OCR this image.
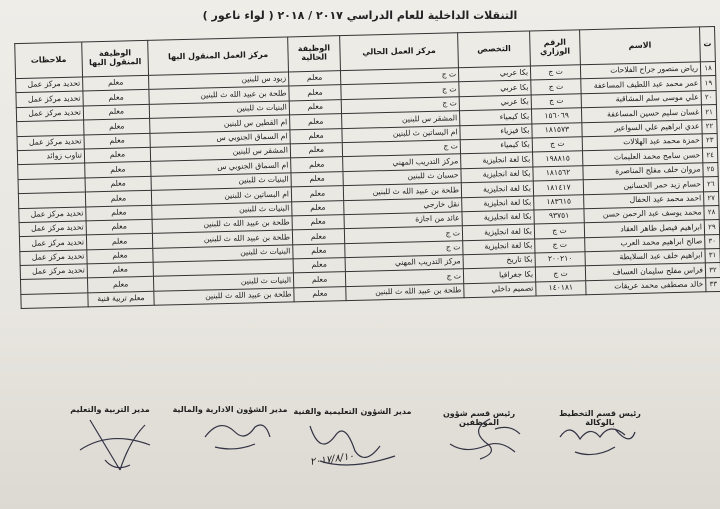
التنقلات الداخلية للعام الدراسي ٢٠١٧ / ٢٠١٨ ( لواء ناعور )
ت	الاسم	الرقم الوزاري	التخصص	مركز العمل الحالي	الوظيفة الحالية	مركز العمل المنقول اليها	الوظيفة المنقول اليها	ملاحظات
١٨	رياض منصور جراح الفلاحات	ت ج	بكا عربي	ت ج	معلم	زبود س للبنين	معلم	تحديد مركز عمل
١٩	عمر محمد عبد اللطيف المساعفة	ت ج	بكا عربي	ت ج	معلم	طلحة بن عبيد الله ث للبنين	معلم	تحديد مركز عمل
٢٠	علي موسى سلم المشاقبة	ت ج	بكا عربي	ت ج	معلم	البنيات ث للبنين	معلم	تحديد مركز عمل
٢١	غسان سليم حسين المساعفة	١٥٦٠٦٩	بكا كيمياء	المشقر س للبنين	معلم	ام القطين س للبنين	معلم	
٢٢	عدي ابراهيم علي السواعير	١٨١٥٧٣	بكا فيزياء	ام البساتين ث للبنين	معلم	ام السماق الجنوبي س	معلم	تحديد مركز عمل
٢٣	حمزة محمد عبد الهلالات	ت ج	بكا كيمياء	ت ج	معلم	المشقر س للبنين	معلم	تناوب زوائد
٢٤	حسن سامح محمد العليمات	١٩٨٨١٥	بكا لغة انجليزية	مركز التدريب المهني	معلم	ام السماق الجنوبي س	معلم	
٢٥	مروان خلف مفلح المناصرة	١٨١٥٦٢	بكا لغة انجليزية	حسبان ث للبنين	معلم	البنيات ث للبنين	معلم	
٢٦	حسام زيد حمر الحسانين	١٨١٤١٧	بكا لغة انجليزية	طلحة بن عبيد الله ث للبنين	معلم	ام البساتين ث للبنين	معلم	
٢٧	احمد محمد عيد الحفال	١٨٣٦١٥	بكا لغة انجليزية	نقل خارجي	معلم	البنيات ث للبنين	معلم	تحديد مركز عمل
٢٨	محمد يوسف عبد الرحمن حسن	٩٣٧٥١	بكا لغة انجليزية	عائد من اجازة	معلم	طلحة بن عبيد الله ث للبنين	معلم	تحديد مركز عمل
٢٩	ابراهيم فيصل طاهر العقاد	ت ج	بكا لغة انجليزية	ت ج	معلم	طلحة بن عبيد الله ث للبنين	معلم	تحديد مركز عمل
٣٠	صالح ابراهيم محمد العرب	ت ج	بكا لغة انجليزية	ت ج	معلم	البنيات ث للبنين	معلم	تحديد مركز عمل
٣١	ابراهيم خلف عبد السلايطة	٢٠٠٢١٠	بكا تاريخ	مركز التدريب المهني	معلم		معلم	تحديد مركز عمل
٣٢	فراس مفلح سليمان العساف	ت ج	بكا جغرافيا	ت ج	معلم	البنيات ث للبنين	معلم	
٣٣	خالد مصطفى محمد عريقات	١٤٠١٨١	تصميم داخلي	طلحة بن عبيد الله ث للبنين	معلم	طلحة بن عبيد الله ث للبنين	معلم تربية فنية	
رئيس قسم التخطيط بالوكالة
رئيس قسم شؤون الموظفين
مدير الشؤون التعليمية والفنية
مدير الشؤون الادارية والمالية
مدير التربية والتعليم
٢٠١٧/٨/١٠
